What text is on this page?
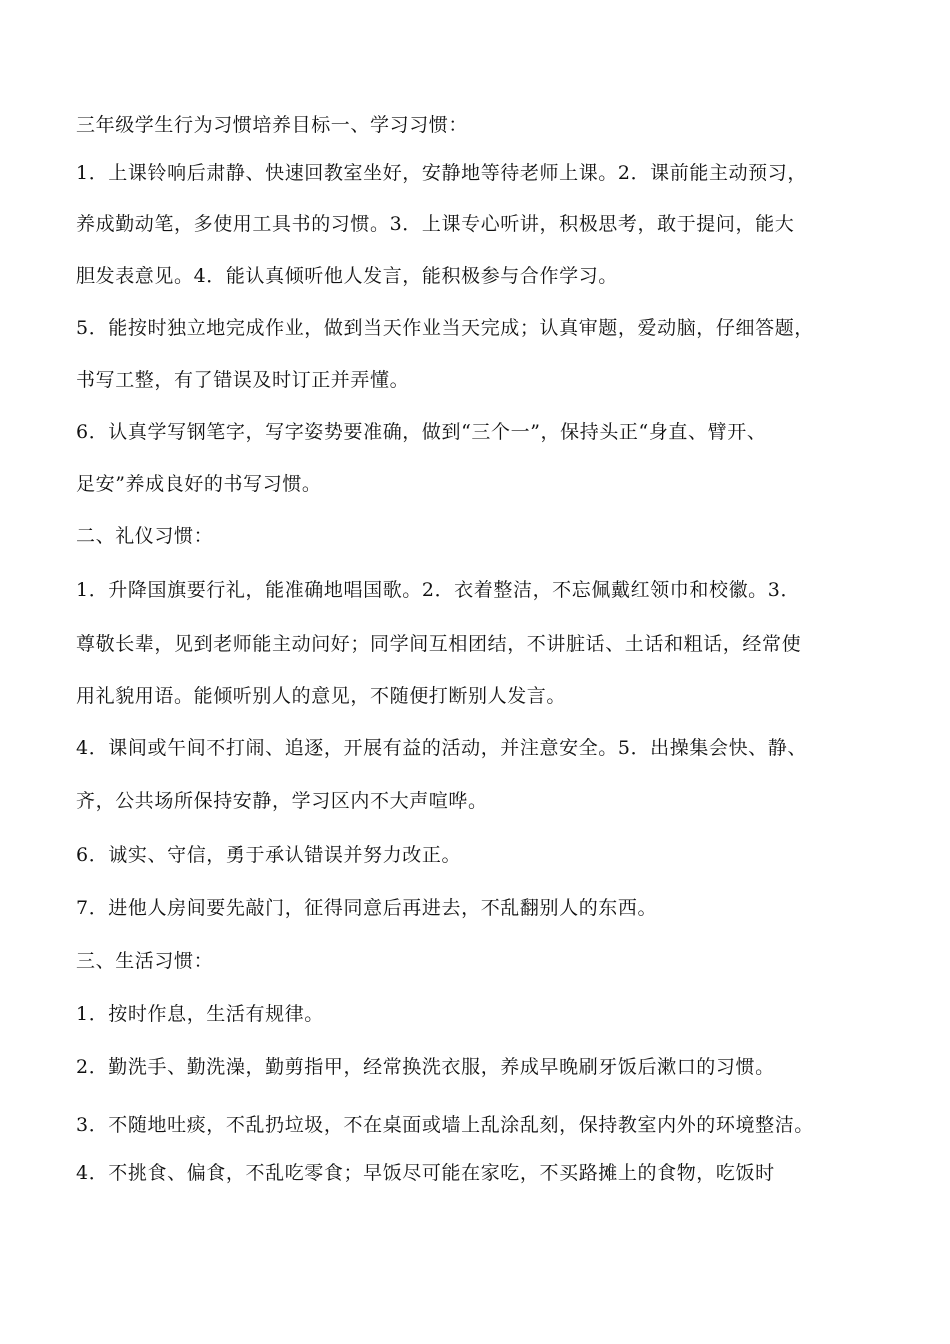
三年级学生行为习惯培养目标一、学习习惯：
1．上课铃响后肃静、快速回教室坐好，安静地等待老师上课。2．课前能主动预习，
养成勤动笔，多使用工具书的习惯。3．上课专心听讲，积极思考，敢于提问，能大
胆发表意见。4．能认真倾听他人发言，能积极参与合作学习。
5．能按时独立地完成作业，做到当天作业当天完成；认真审题，爱动脑，仔细答题，
书写工整，有了错误及时订正并弄懂。
6．认真学写钢笔字，写字姿势要准确，做到“三个一”，保持头正“身直、臂开、
足安”养成良好的书写习惯。
二、礼仪习惯：
1．升降国旗要行礼，能准确地唱国歌。2．衣着整洁，不忘佩戴红领巾和校徽。3．
尊敬长辈，见到老师能主动问好；同学间互相团结，不讲脏话、土话和粗话，经常使
用礼貌用语。能倾听别人的意见，不随便打断别人发言。
4．课间或午间不打闹、追逐，开展有益的活动，并注意安全。5．出操集会快、静、
齐，公共场所保持安静，学习区内不大声喧哗。
6．诚实、守信，勇于承认错误并努力改正。
7．进他人房间要先敲门，征得同意后再进去，不乱翻别人的东西。
三、生活习惯：
1．按时作息，生活有规律。
2．勤洗手、勤洗澡，勤剪指甲，经常换洗衣服，养成早晚刷牙饭后漱口的习惯。
3．不随地吐痰，不乱扔垃圾，不在桌面或墙上乱涂乱刻，保持教室内外的环境整洁。
4．不挑食、偏食，不乱吃零食；早饭尽可能在家吃，不买路摊上的食物，吃饭时
